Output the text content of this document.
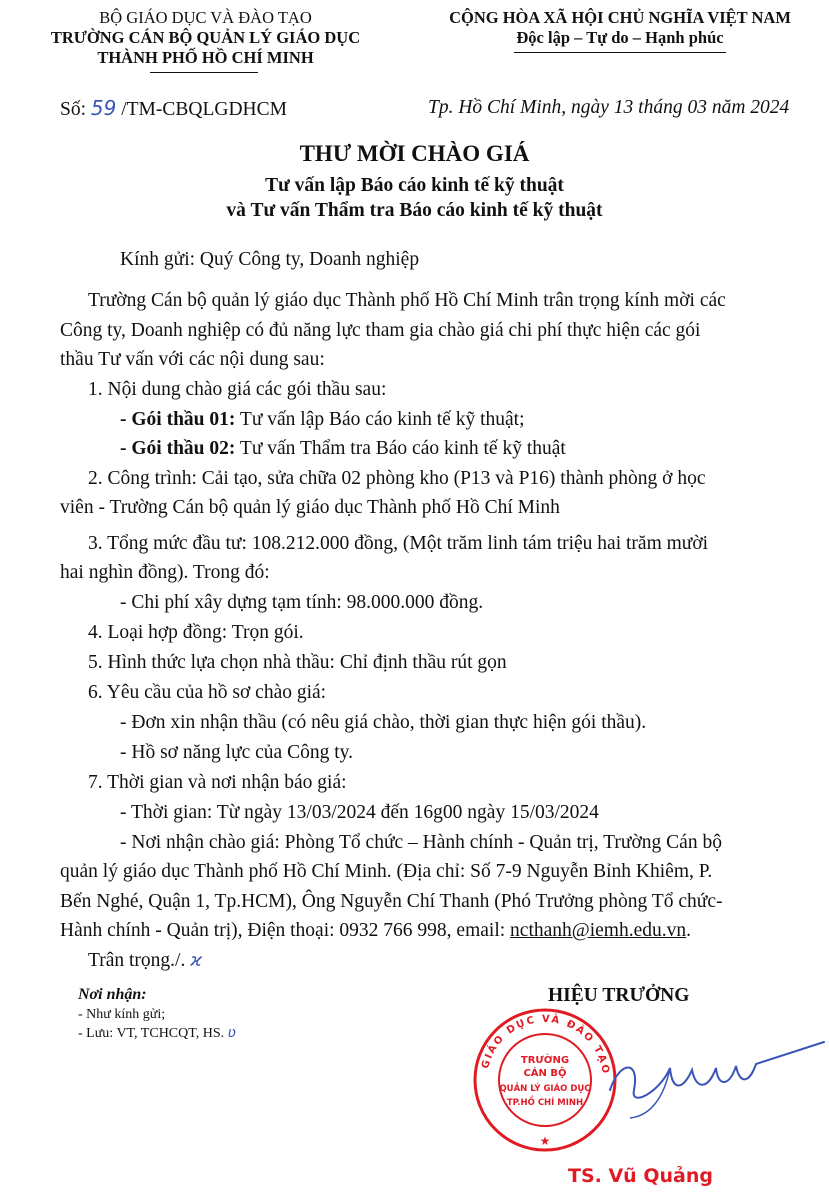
BỘ GIÁO DỤC VÀ ĐÀO TẠO
TRƯỜNG CÁN BỘ QUẢN LÝ GIÁO DỤC
THÀNH PHỐ HỒ CHÍ MINH
CỘNG HÒA XÃ HỘI CHỦ NGHĨA VIỆT NAM
Độc lập – Tự do – Hạnh phúc
Số: 59 /TM-CBQLGDHCM	Tp. Hồ Chí Minh, ngày 13 tháng 03 năm 2024
THƯ MỜI CHÀO GIÁ
Tư vấn lập Báo cáo kinh tế kỹ thuật
và Tư vấn Thẩm tra Báo cáo kinh tế kỹ thuật
Kính gửi: Quý Công ty, Doanh nghiệp
Trường Cán bộ quản lý giáo dục Thành phố Hồ Chí Minh trân trọng kính mời các
Công ty, Doanh nghiệp có đủ năng lực tham gia chào giá chi phí thực hiện các gói
thầu Tư vấn với các nội dung sau:
1. Nội dung chào giá các gói thầu sau:
- Gói thầu 01: Tư vấn lập Báo cáo kinh tế kỹ thuật;
- Gói thầu 02: Tư vấn Thẩm tra Báo cáo kinh tế kỹ thuật
2. Công trình: Cải tạo, sửa chữa 02 phòng kho (P13 và P16) thành phòng ở học
viên - Trường Cán bộ quản lý giáo dục Thành phố Hồ Chí Minh
3. Tổng mức đầu tư: 108.212.000 đồng, (Một trăm linh tám triệu hai trăm mười
hai nghìn đồng). Trong đó:
- Chi phí xây dựng tạm tính: 98.000.000 đồng.
4. Loại hợp đồng: Trọn gói.
5. Hình thức lựa chọn nhà thầu: Chỉ định thầu rút gọn
6. Yêu cầu của hồ sơ chào giá:
- Đơn xin nhận thầu (có nêu giá chào, thời gian thực hiện gói thầu).
- Hồ sơ năng lực của Công ty.
7. Thời gian và nơi nhận báo giá:
- Thời gian: Từ ngày 13/03/2024 đến 16g00 ngày 15/03/2024
- Nơi nhận chào giá: Phòng Tổ chức – Hành chính - Quản trị, Trường Cán bộ
quản lý giáo dục Thành phố Hồ Chí Minh. (Địa chỉ: Số 7-9 Nguyễn Bỉnh Khiêm, P.
Bến Nghé, Quận 1, Tp.HCM), Ông Nguyễn Chí Thanh (Phó Trưởng phòng Tổ chức-
Hành chính - Quản trị), Điện thoại: 0932 766 998, email: ncthanh@iemh.edu.vn.
Trân trọng./. ϰ
Nơi nhận:
- Như kính gửi;
- Lưu: VT, TCHCQT, HS. ʋ
HIỆU TRƯỞNG
GIÁO DỤC VÀ ĐÀO TẠO
TRƯỜNG
CÁN BỘ
QUẢN LÝ GIÁO DỤC
TP.HỒ CHÍ MINH
★
TS. Vũ Quảng
